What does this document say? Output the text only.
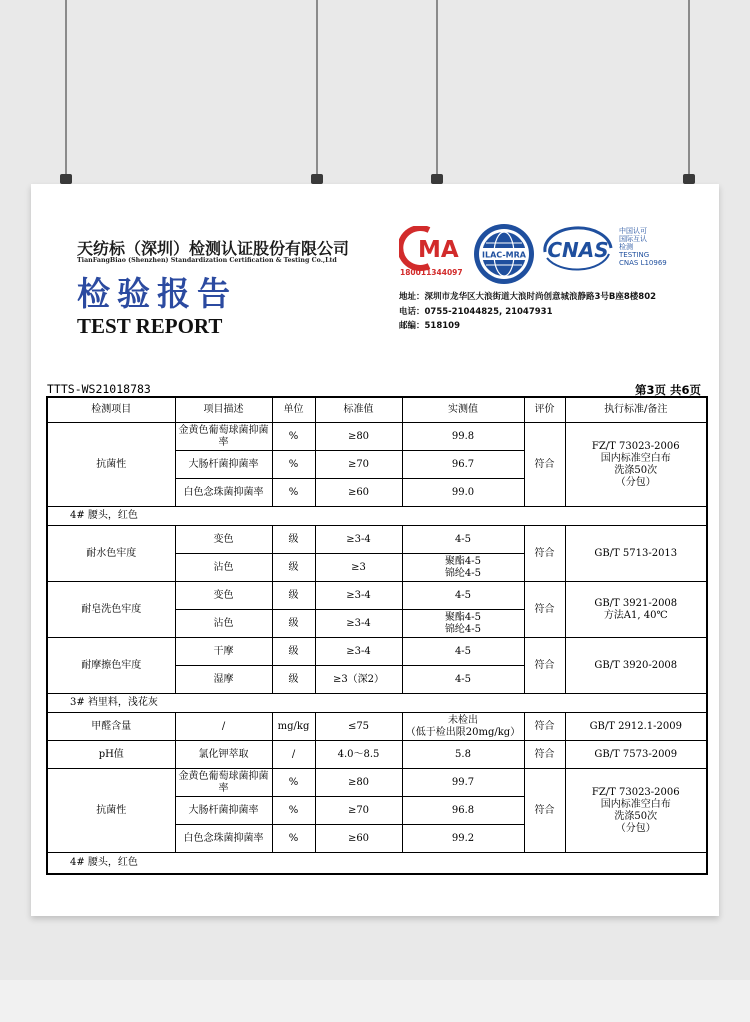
天纺标（深圳）检测认证股份有限公司
TianFangBiao (Shenzhen) Standardization Certification & Testing Co.,Ltd
检验报告
TEST REPORT
MA
180011344097
ILAC-MRA CNAS
中国认可
国际互认
检测
TESTING
CNAS L10969
地址：深圳市龙华区大浪街道大浪时尚创意城浪静路3号B座8楼802
电话：0755-21044825, 21047931
邮编：518109
TTTS-WS21018783	第3页 共6页
检测项目	项目描述	单位	标准值	实测值	评价	执行标准/备注
抗菌性	金黄色葡萄球菌抑菌率	%	≥80	99.8	符合	FZ/T 73023-2006
国内标准空白布
洗涤50次
（分包）

	大肠杆菌抑菌率	%	≥70	96.7		
	白色念珠菌抑菌率	%	≥60	99.0		
4# 腰头，红色						
耐水色牢度	变色	级	≥3-4	4-5	符合	GB/T 5713-2013
	沾色	级	≥3	聚酯4-5
锦纶4-5		

耐皂洗色牢度	变色	级	≥3-4	4-5	符合	GB/T 3921-2008
方法A1, 40℃

	沾色	级	≥3-4	聚酯4-5
锦纶4-5		

耐摩擦色牢度	干摩	级	≥3-4	4-5	符合	GB/T 3920-2008
	湿摩	级	≥3（深2）	4-5		
3# 裆里料，浅花灰						
甲醛含量	/	mg/kg	≤75	未检出
（低于检出限20mg/kg）	符合	GB/T 2912.1-2009
pH值	氯化钾萃取	/	4.0～8.5	5.8	符合	GB/T 7573-2009
抗菌性	金黄色葡萄球菌抑菌率	%	≥80	99.7	符合	FZ/T 73023-2006
国内标准空白布
洗涤50次
（分包）

	大肠杆菌抑菌率	%	≥70	96.8		
	白色念珠菌抑菌率	%	≥60	99.2		
4# 腰头，红色						
